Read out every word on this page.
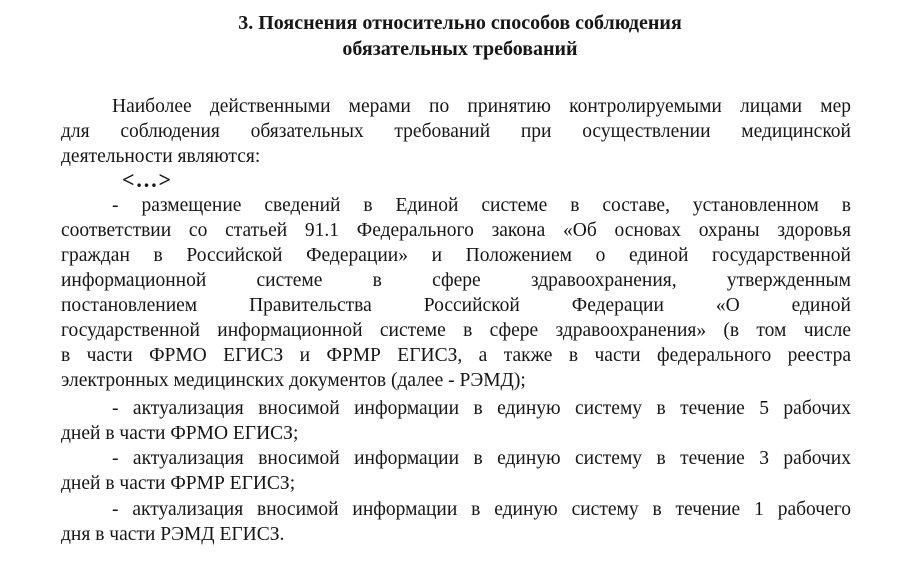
3. Пояснения относительно способов соблюдения
обязательных требований
Наиболее действенными мерами по принятию контролируемыми лицами мер
для соблюдения обязательных требований при осуществлении медицинской
деятельности являются:
<…>
- размещение сведений в Единой системе в составе, установленном в
соответствии со статьей 91.1 Федерального закона «Об основах охраны здоровья
граждан в Российской Федерации» и Положением о единой государственной
информационной системе в сфере здравоохранения, утвержденным
постановлением Правительства Российской Федерации «О единой
государственной информационной системе в сфере здравоохранения» (в том числе
в части ФРМО ЕГИСЗ и ФРМР ЕГИСЗ, а также в части федерального реестра
электронных медицинских документов (далее - РЭМД);
- актуализация вносимой информации в единую систему в течение 5 рабочих
дней в части ФРМО ЕГИСЗ;
- актуализация вносимой информации в единую систему в течение 3 рабочих
дней в части ФРМР ЕГИСЗ;
- актуализация вносимой информации в единую систему в течение 1 рабочего
дня в части РЭМД ЕГИСЗ.
